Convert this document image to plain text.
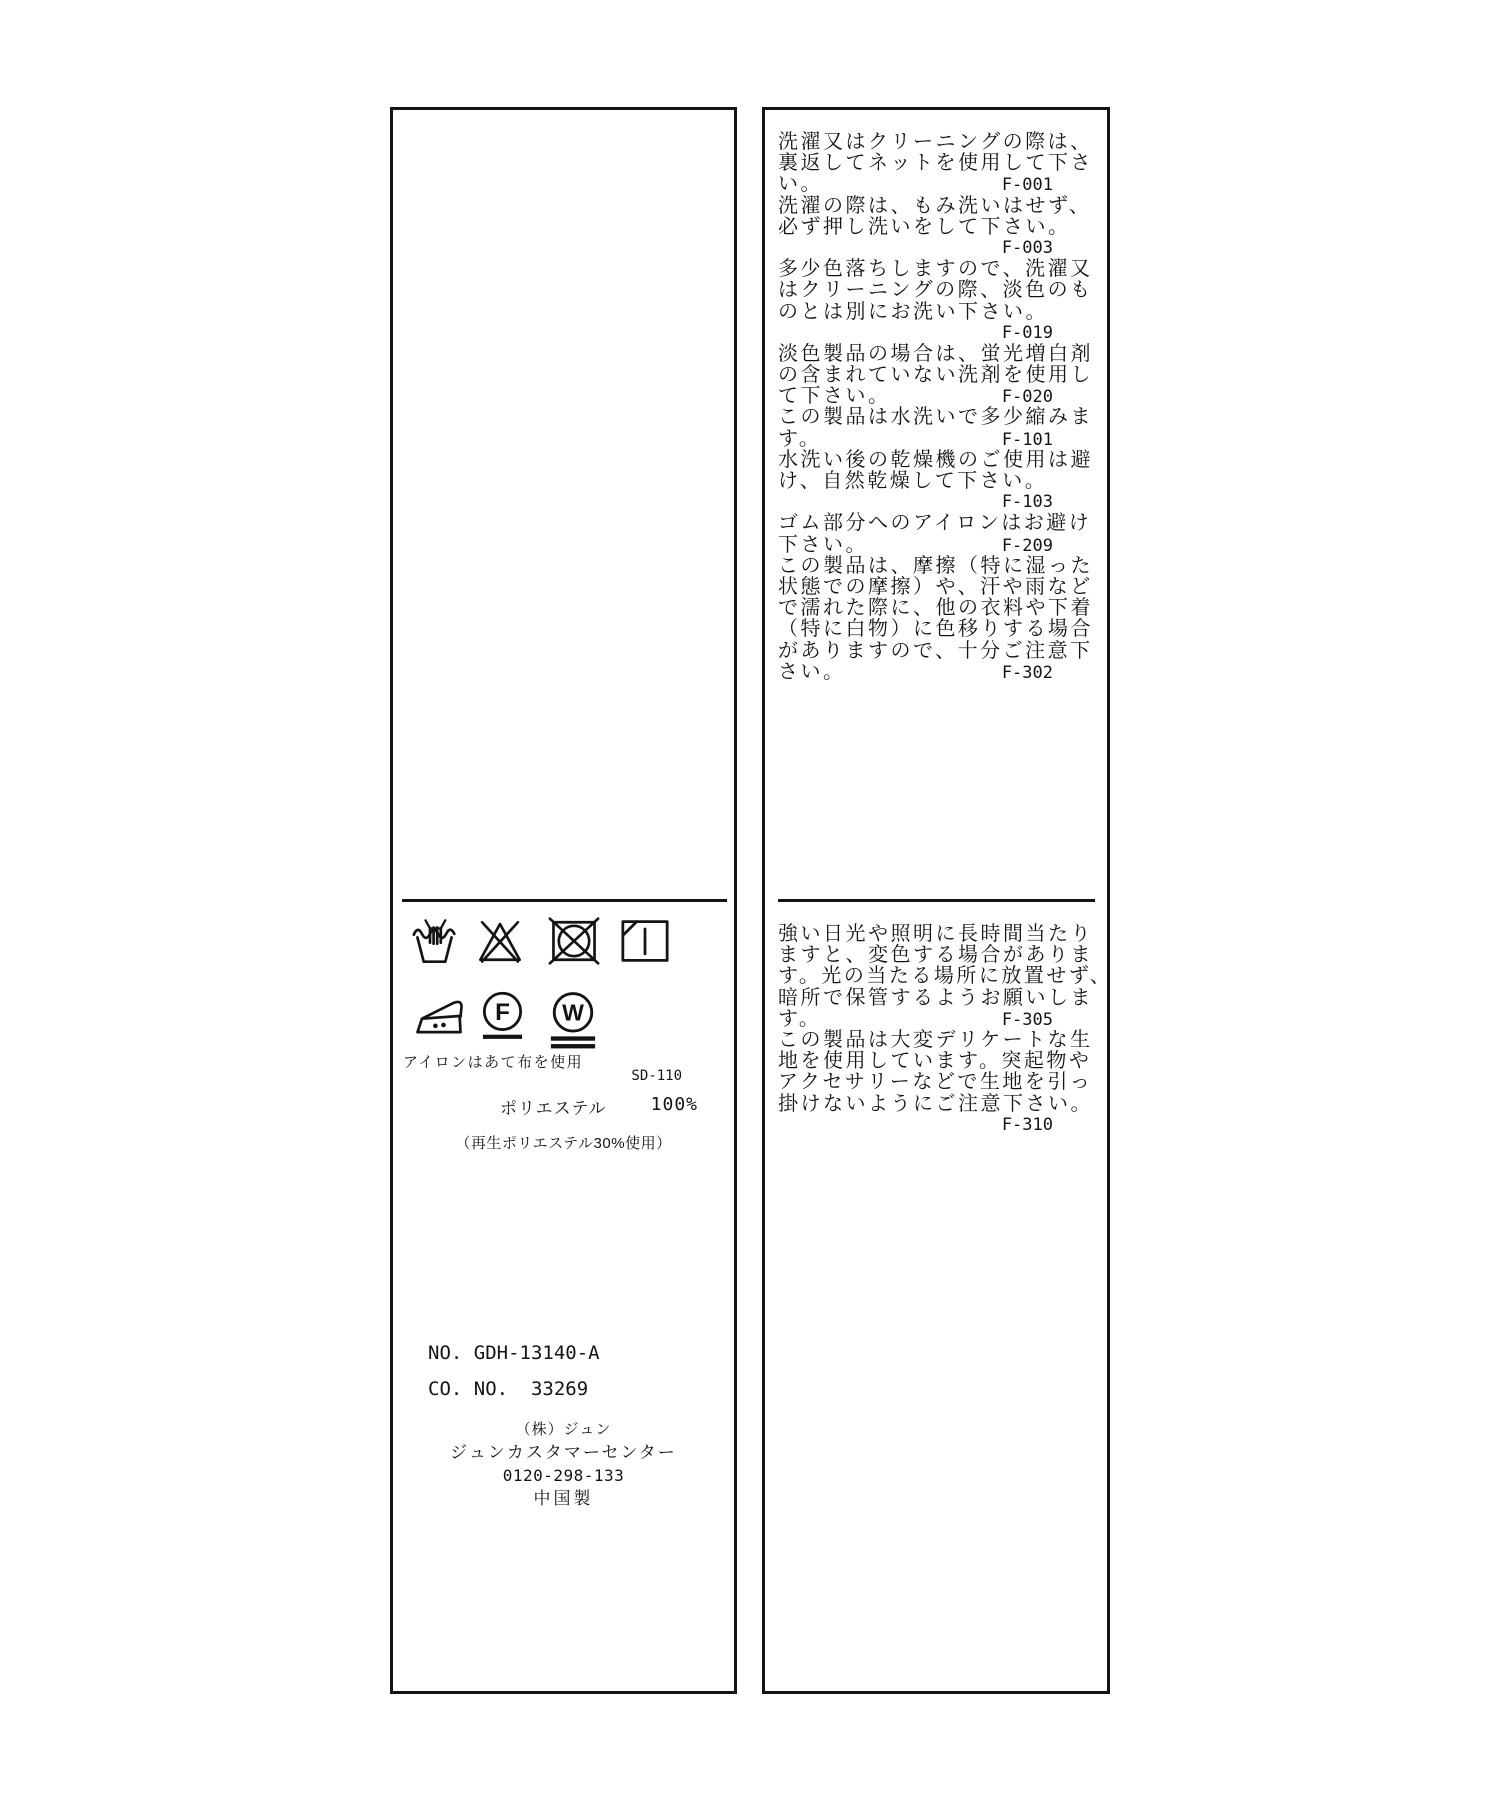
F W
アイロンはあて布を使用
SD-110
ポリエステル 100%
（再生ポリエステル30%使用）
NO. GDH-13140-A
CO. NO.  33269
（株）ジュン
ジュンカスタマーセンター
0120-298-133
中国製
洗濯又はクリーニングの際は、
裏返してネットを使用して下さ
い。	F-001
洗濯の際は、もみ洗いはせず、
必ず押し洗いをして下さい。
F-003
多少色落ちしますので、洗濯又
はクリーニングの際、淡色のも
のとは別にお洗い下さい。
F-019
淡色製品の場合は、蛍光増白剤
の含まれていない洗剤を使用し
て下さい。	F-020
この製品は水洗いで多少縮みま
す。	F-101
水洗い後の乾燥機のご使用は避
け、自然乾燥して下さい。
F-103
ゴム部分へのアイロンはお避け
下さい。	F-209
この製品は、摩擦（特に湿った
状態での摩擦）や、汗や雨など
で濡れた際に、他の衣料や下着
（特に白物）に色移りする場合
がありますので、十分ご注意下
さい。	F-302
強い日光や照明に長時間当たり
ますと、変色する場合がありま
す。光の当たる場所に放置せず、
暗所で保管するようお願いしま
す。	F-305
この製品は大変デリケートな生
地を使用しています。突起物や
アクセサリーなどで生地を引っ
掛けないようにご注意下さい。
F-310
